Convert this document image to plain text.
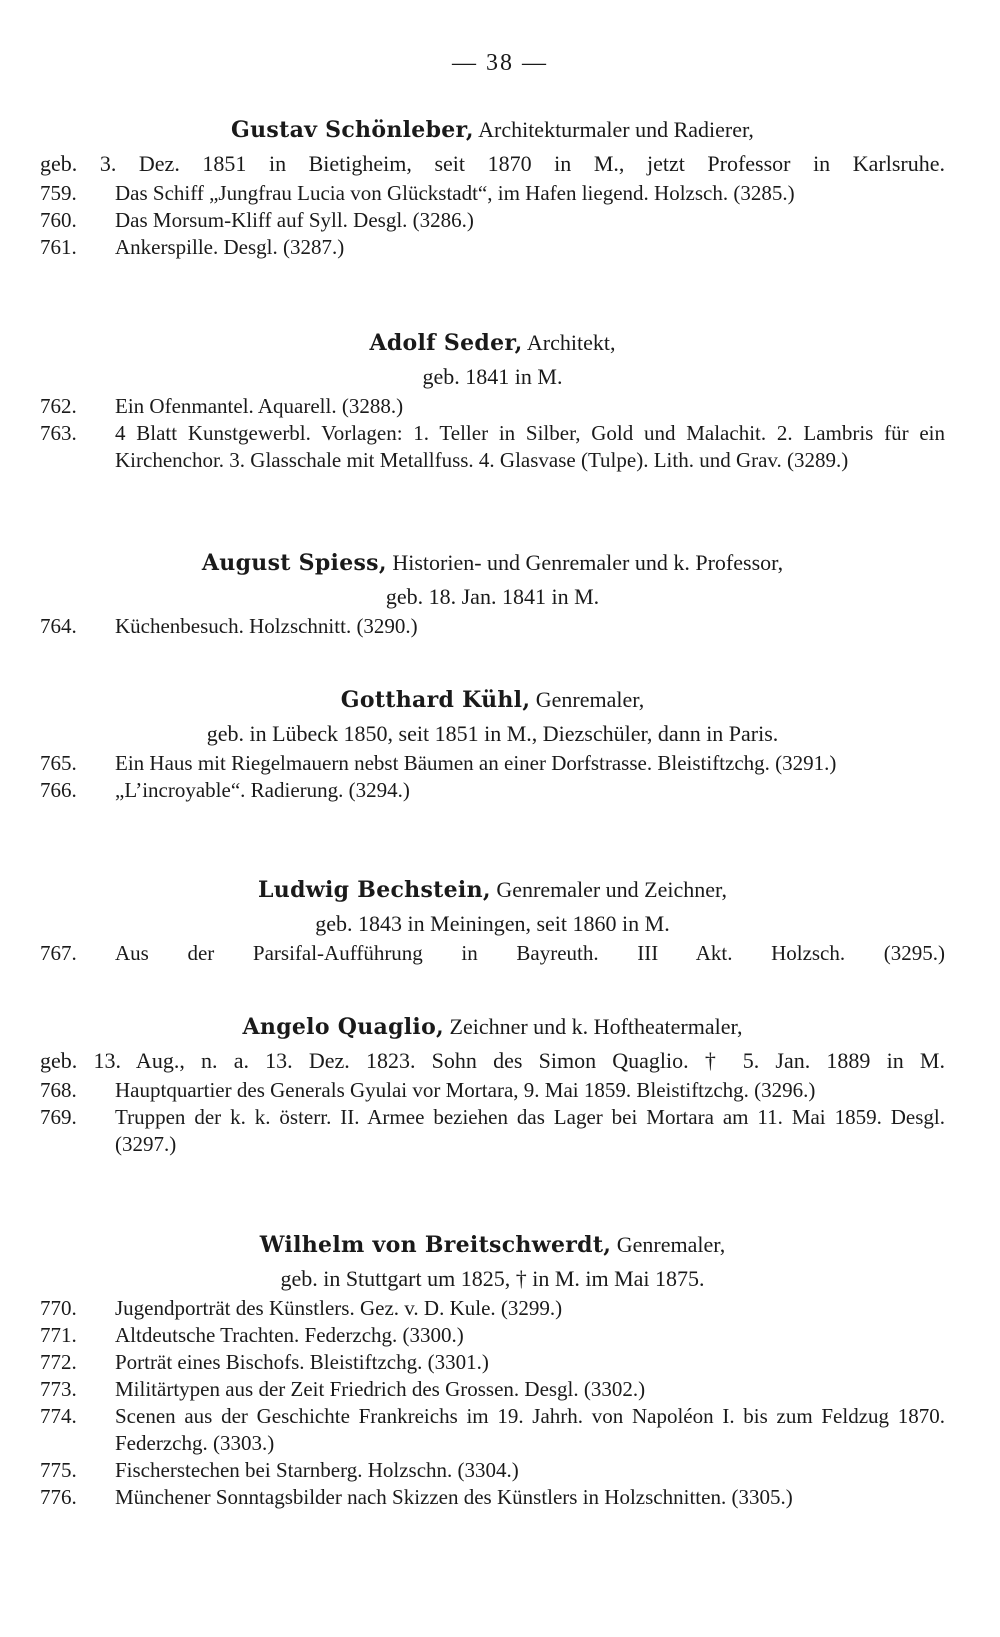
— 38 —
Gustav Schönleber, Architekturmaler und Radierer,
geb. 3. Dez. 1851 in Bietigheim, seit 1870 in M., jetzt Professor in Karlsruhe.
759.	Das Schiff „Jungfrau Lucia von Glückstadt“, im Hafen liegend. Holzsch. (3285.)
760.	Das Morsum-Kliff auf Syll. Desgl. (3286.)
761.	Ankerspille. Desgl. (3287.)
Adolf Seder, Architekt,
geb. 1841 in M.
762.	Ein Ofenmantel. Aquarell. (3288.)
763.	4 Blatt Kunstgewerbl. Vorlagen: 1. Teller in Silber, Gold und Malachit. 2. Lambris für ein Kirchenchor. 3. Glasschale mit Metallfuss. 4. Glasvase (Tulpe). Lith. und Grav. (3289.)
August Spiess, Historien- und Genremaler und k. Professor,
geb. 18. Jan. 1841 in M.
764.	Küchenbesuch. Holzschnitt. (3290.)
Gotthard Kühl, Genremaler,
geb. in Lübeck 1850, seit 1851 in M., Diezschüler, dann in Paris.
765.	Ein Haus mit Riegelmauern nebst Bäumen an einer Dorfstrasse. Bleistiftzchg. (3291.)
766.	„L’incroyable“. Radierung. (3294.)
Ludwig Bechstein, Genremaler und Zeichner,
geb. 1843 in Meiningen, seit 1860 in M.
767.	Aus der Parsifal-Aufführung in Bayreuth. III Akt. Holzsch. (3295.)
Angelo Quaglio, Zeichner und k. Hoftheatermaler,
geb. 13. Aug., n. a. 13. Dez. 1823. Sohn des Simon Quaglio. † 5. Jan. 1889 in M.
768.	Hauptquartier des Generals Gyulai vor Mortara, 9. Mai 1859. Bleistiftzchg. (3296.)
769.	Truppen der k. k. österr. II. Armee beziehen das Lager bei Mortara am 11. Mai 1859. Desgl. (3297.)
Wilhelm von Breitschwerdt, Genremaler,
geb. in Stuttgart um 1825, † in M. im Mai 1875.
770.	Jugendporträt des Künstlers. Gez. v. D. Kule. (3299.)
771.	Altdeutsche Trachten. Federzchg. (3300.)
772.	Porträt eines Bischofs. Bleistiftzchg. (3301.)
773.	Militärtypen aus der Zeit Friedrich des Grossen. Desgl. (3302.)
774.	Scenen aus der Geschichte Frankreichs im 19. Jahrh. von Napoléon I. bis zum Feldzug 1870. Federzchg. (3303.)
775.	Fischerstechen bei Starnberg. Holzschn. (3304.)
776.	Münchener Sonntagsbilder nach Skizzen des Künstlers in Holzschnitten. (3305.)
